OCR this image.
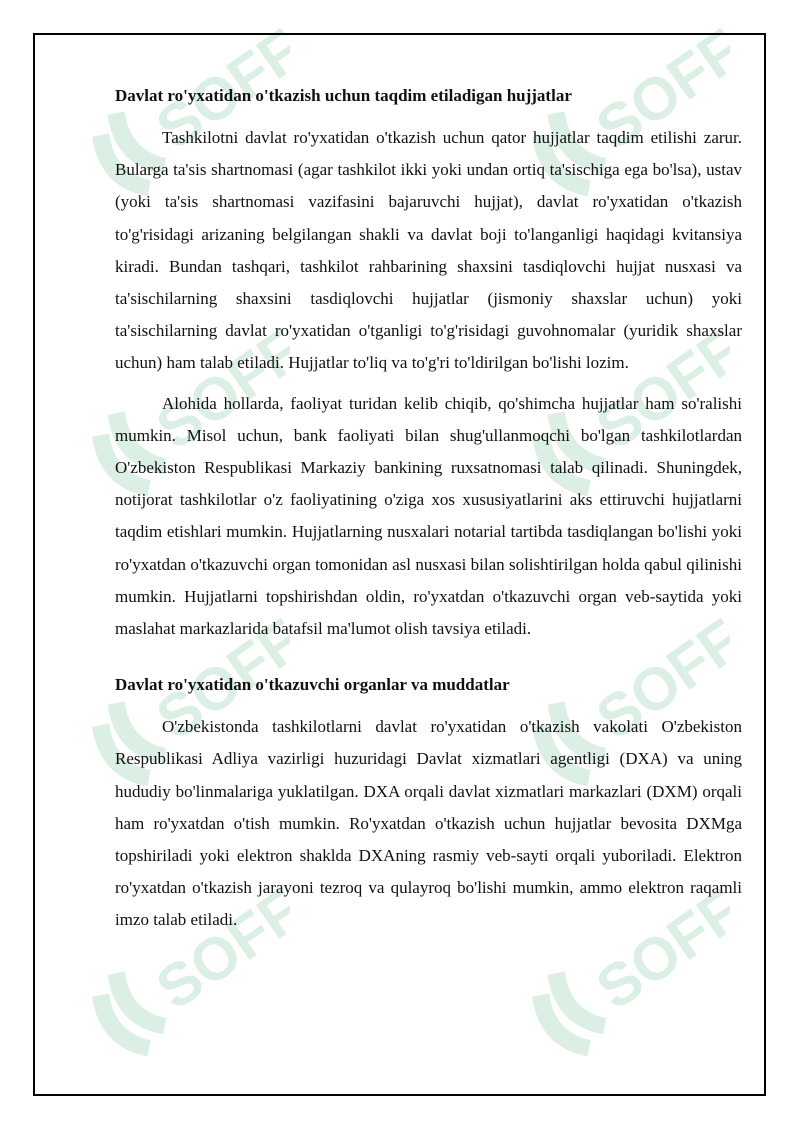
SOFF	SOFF
SOFF	SOFF
SOFF	SOFF
SOFF	SOFF
Davlat ro'yxatidan o'tkazish uchun taqdim etiladigan hujjatlar

Tashkilotni davlat ro'yxatidan o'tkazish uchun qator hujjatlar taqdim etilishi zarur. Bularga ta'sis shartnomasi (agar tashkilot ikki yoki undan ortiq ta'sischiga ega bo'lsa), ustav (yoki ta'sis shartnomasi vazifasini bajaruvchi hujjat), davlat ro'yxatidan o'tkazish to'g'risidagi arizaning belgilangan shakli va davlat boji to'langanligi haqidagi kvitansiya kiradi. Bundan tashqari, tashkilot rahbarining shaxsini tasdiqlovchi hujjat nusxasi va ta'sischilarning shaxsini tasdiqlovchi hujjatlar (jismoniy shaxslar uchun) yoki ta'sischilarning davlat ro'yxatidan o'tganligi to'g'risidagi guvohnomalar (yuridik shaxslar uchun) ham talab etiladi. Hujjatlar to'liq va to'g'ri to'ldirilgan bo'lishi lozim.

Alohida hollarda, faoliyat turidan kelib chiqib, qo'shimcha hujjatlar ham so'ralishi mumkin. Misol uchun, bank faoliyati bilan shug'ullanmoqchi bo'lgan tashkilotlardan O'zbekiston Respublikasi Markaziy bankining ruxsatnomasi talab qilinadi. Shuningdek, notijorat tashkilotlar o'z faoliyatining o'ziga xos xususiyatlarini aks ettiruvchi hujjatlarni taqdim etishlari mumkin. Hujjatlarning nusxalari notarial tartibda tasdiqlangan bo'lishi yoki ro'yxatdan o'tkazuvchi organ tomonidan asl nusxasi bilan solishtirilgan holda qabul qilinishi mumkin. Hujjatlarni topshirishdan oldin, ro'yxatdan o'tkazuvchi organ veb-saytida yoki maslahat markazlarida batafsil ma'lumot olish tavsiya etiladi.

Davlat ro'yxatidan o'tkazuvchi organlar va muddatlar

O'zbekistonda tashkilotlarni davlat ro'yxatidan o'tkazish vakolati O'zbekiston Respublikasi Adliya vazirligi huzuridagi Davlat xizmatlari agentligi (DXA) va uning hududiy bo'linmalariga yuklatilgan. DXA orqali davlat xizmatlari markazlari (DXM) orqali ham ro'yxatdan o'tish mumkin. Ro'yxatdan o'tkazish uchun hujjatlar bevosita DXMga topshiriladi yoki elektron shaklda DXAning rasmiy veb-sayti orqali yuboriladi. Elektron ro'yxatdan o'tkazish jarayoni tezroq va qulayroq bo'lishi mumkin, ammo elektron raqamli imzo talab etiladi.
